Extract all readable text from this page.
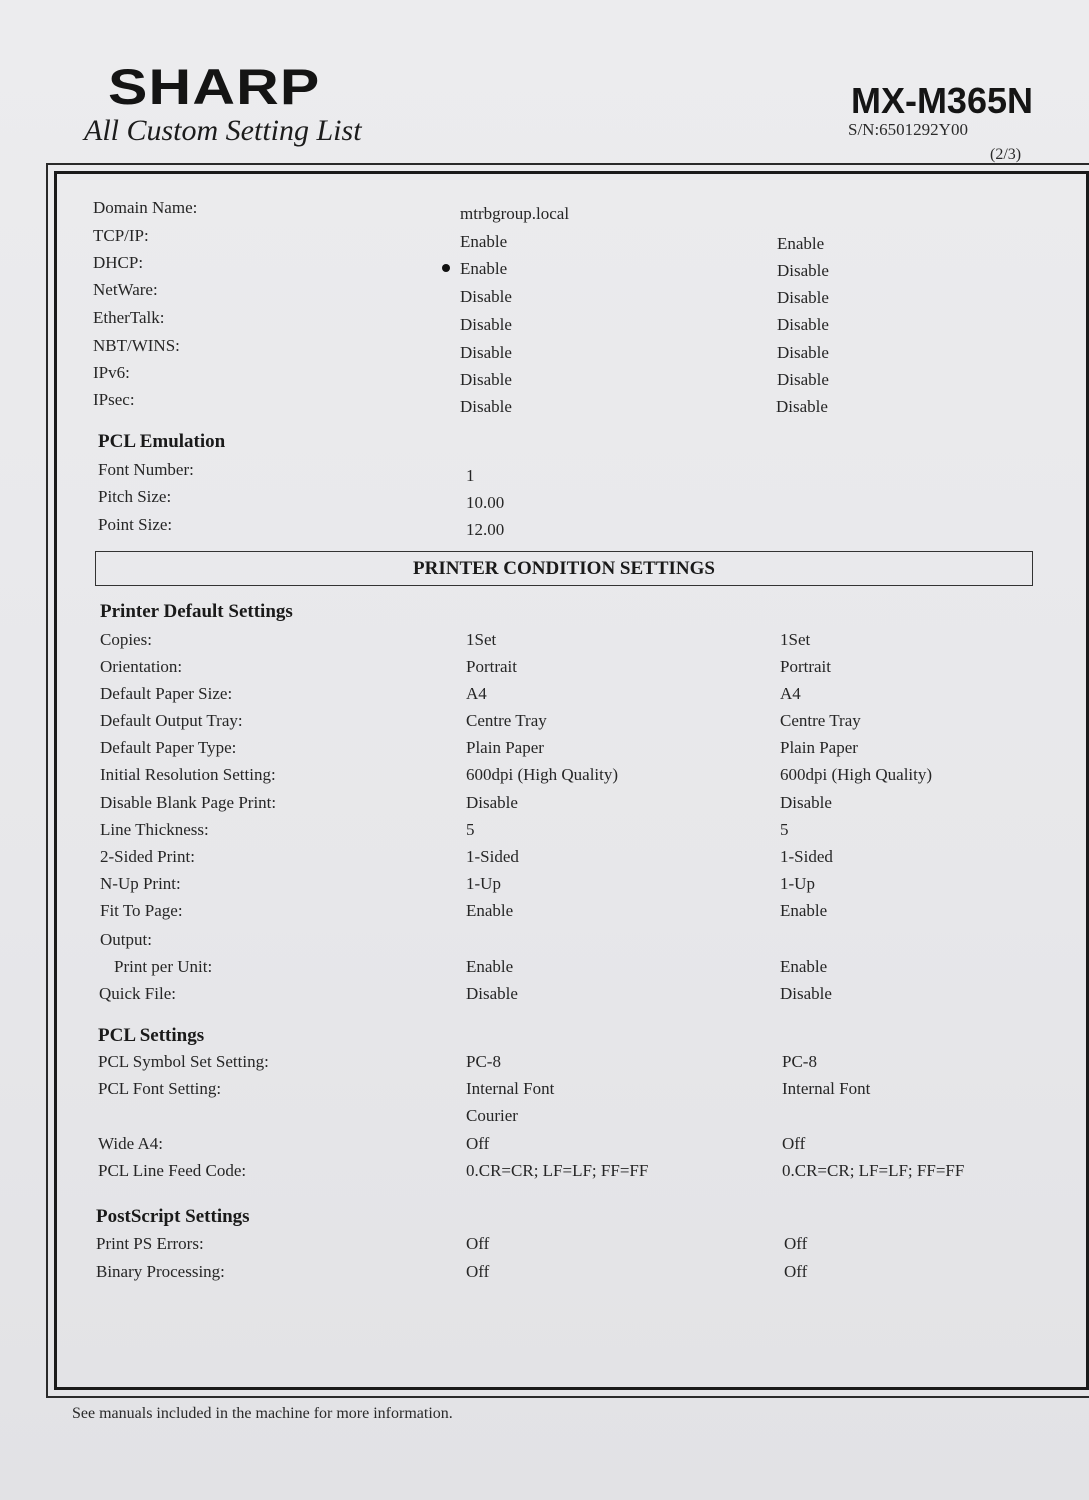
SHARP
All Custom Setting List
MX-M365N
S/N:6501292Y00
(2/3)
Domain Name:	mtrbgroup.local
TCP/IP:	Enable	Enable
DHCP:	Enable	Disable
NetWare:	Disable	Disable
EtherTalk:	Disable	Disable
NBT/WINS:	Disable	Disable
IPv6:	Disable	Disable
IPsec:	Disable	Disable
PCL Emulation
Font Number:	1
Pitch Size:	10.00
Point Size:	12.00
PRINTER CONDITION SETTINGS
Printer Default Settings
Copies:	1Set	1Set
Orientation:	Portrait	Portrait
Default Paper Size:	A4	A4
Default Output Tray:	Centre Tray	Centre Tray
Default Paper Type:	Plain Paper	Plain Paper
Initial Resolution Setting:	600dpi (High Quality)	600dpi (High Quality)
Disable Blank Page Print:	Disable	Disable
Line Thickness:	5	5
2-Sided Print:	1-Sided	1-Sided
N-Up Print:	1-Up	1-Up
Fit To Page:	Enable	Enable
Output:
Print per Unit:	Enable	Enable
Quick File:	Disable	Disable
PCL Settings
PCL Symbol Set Setting:	PC-8	PC-8
PCL Font Setting:	Internal Font	Internal Font
Courier
Wide A4:	Off	Off
PCL Line Feed Code:	0.CR=CR; LF=LF; FF=FF	0.CR=CR; LF=LF; FF=FF
PostScript Settings
Print PS Errors:	Off	Off
Binary Processing:	Off	Off
See manuals included in the machine for more information.
